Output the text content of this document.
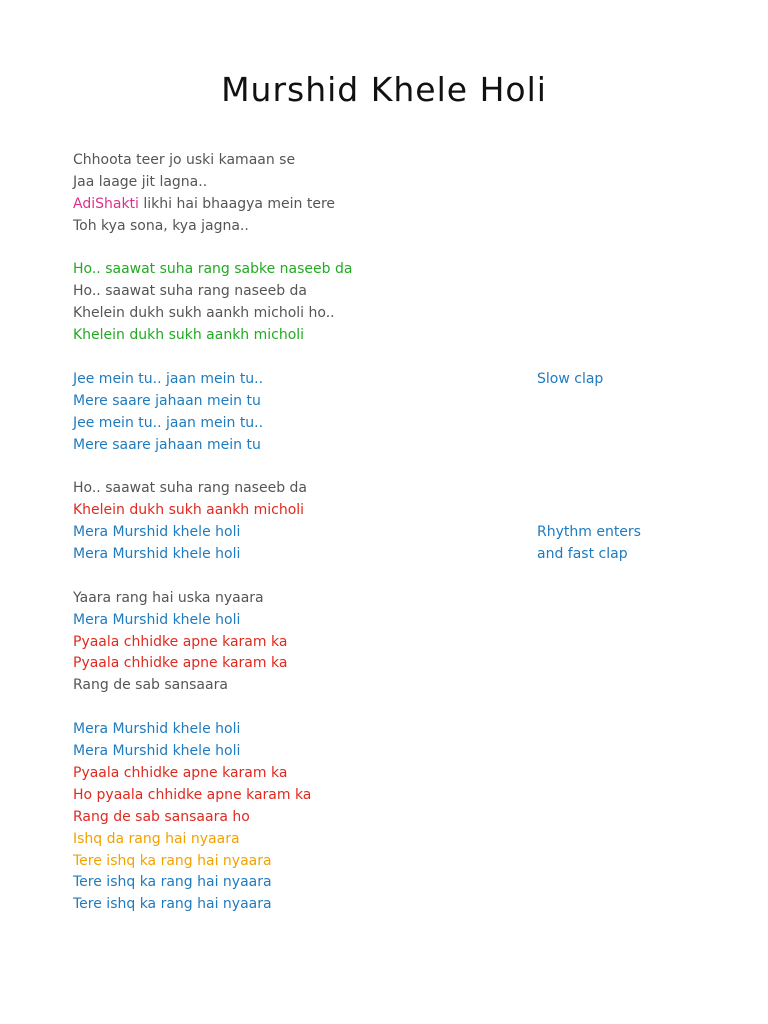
Murshid Khele Holi
Chhoota teer jo uski kamaan se
Jaa laage jit lagna..
AdiShakti likhi hai bhaagya mein tere
Toh kya sona, kya jagna..
Ho.. saawat suha rang sabke naseeb da
Ho.. saawat suha rang naseeb da
Khelein dukh sukh aankh micholi ho..
Khelein dukh sukh aankh micholi
Jee mein tu.. jaan mein tu..
Mere saare jahaan mein tu
Jee mein tu.. jaan mein tu..
Mere saare jahaan mein tu
Ho.. saawat suha rang naseeb da
Khelein dukh sukh aankh micholi
Mera Murshid khele holi
Mera Murshid khele holi
Yaara rang hai uska nyaara
Mera Murshid khele holi
Pyaala chhidke apne karam ka
Pyaala chhidke apne karam ka
Rang de sab sansaara
Mera Murshid khele holi
Mera Murshid khele holi
Pyaala chhidke apne karam ka
Ho pyaala chhidke apne karam ka
Rang de sab sansaara ho
Ishq da rang hai nyaara
Tere ishq ka rang hai nyaara
Tere ishq ka rang hai nyaara
Tere ishq ka rang hai nyaara
Slow clap
Rhythm enters
and fast clap
